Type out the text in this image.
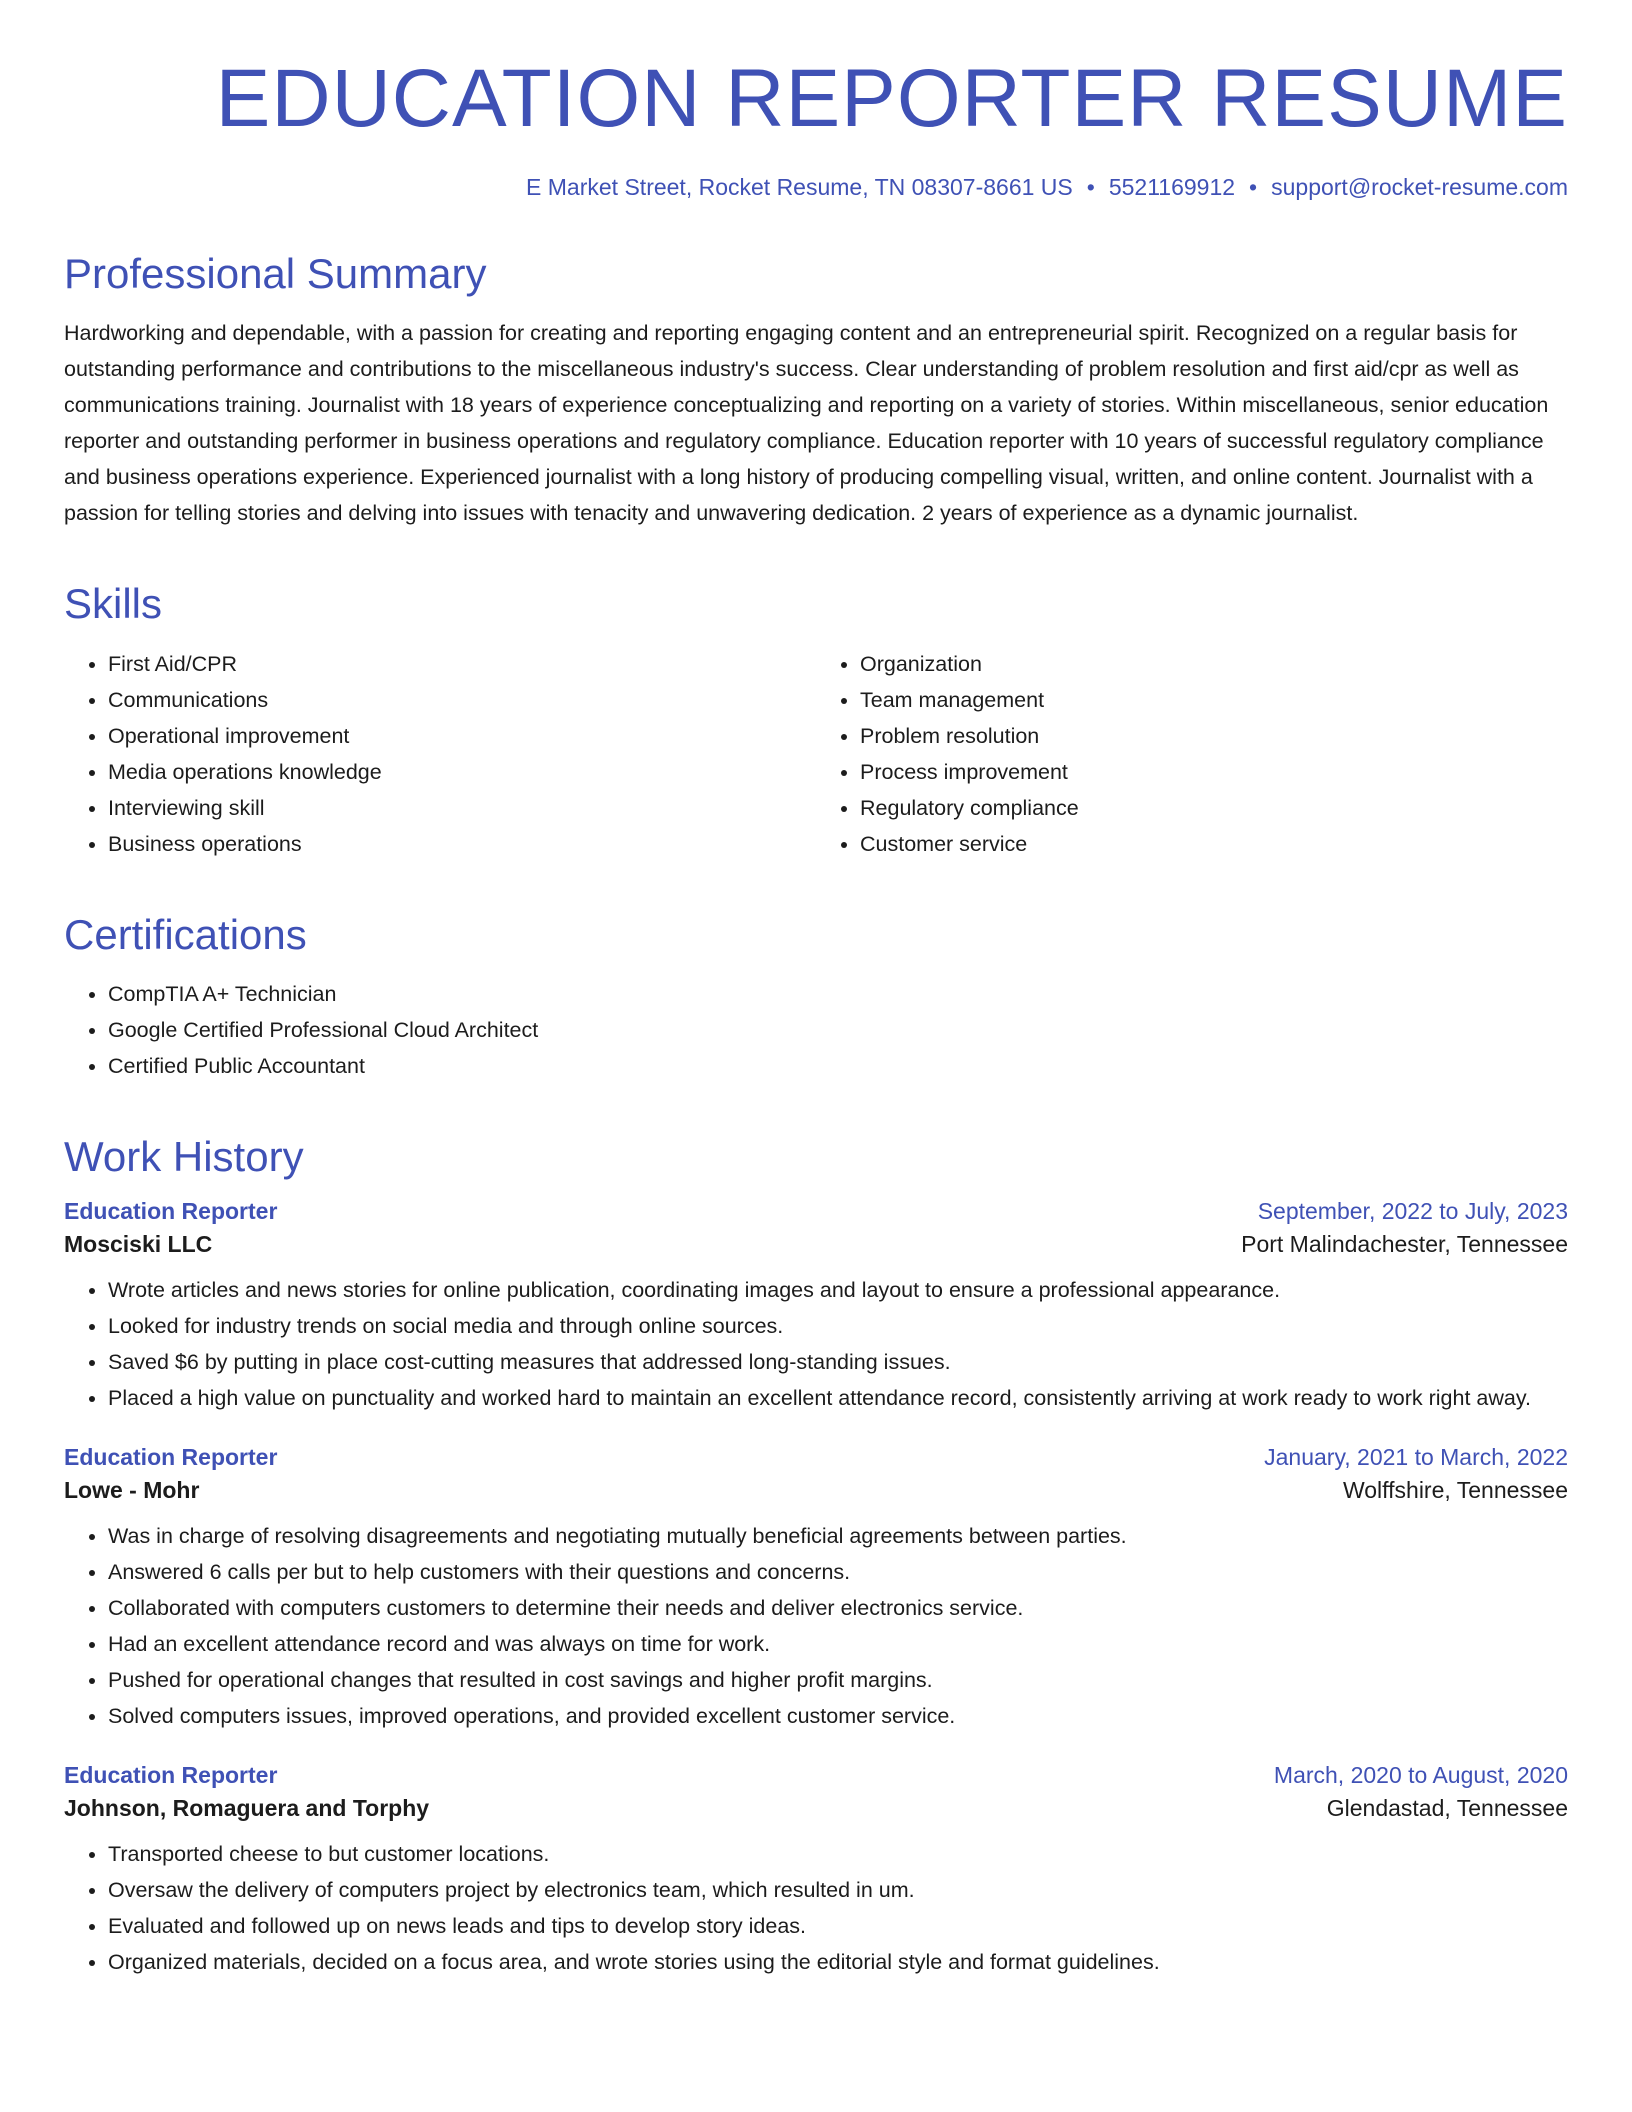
EDUCATION REPORTER RESUME
E Market Street, Rocket Resume, TN 08307-8661 US • 5521169912 • support@rocket-resume.com
Professional Summary

Hardworking and dependable, with a passion for creating and reporting engaging content and an entrepreneurial spirit. Recognized on a regular basis for outstanding performance and contributions to the miscellaneous industry's success. Clear understanding of problem resolution and first aid/cpr as well as communications training. Journalist with 18 years of experience conceptualizing and reporting on a variety of stories. Within miscellaneous, senior education reporter and outstanding performer in business operations and regulatory compliance. Education reporter with 10 years of successful regulatory compliance and business operations experience. Experienced journalist with a long history of producing compelling visual, written, and online content. Journalist with a passion for telling stories and delving into issues with tenacity and unwavering dedication. 2 years of experience as a dynamic journalist.

Skills
• First Aid/CPR
• Communications
• Operational improvement
• Media operations knowledge
• Interviewing skill
• Business operations
• Organization
• Team management
• Problem resolution
• Process improvement
• Regulatory compliance
• Customer service
Certifications
• CompTIA A+ Technician
• Google Certified Professional Cloud Architect
• Certified Public Accountant
Work History
Education Reporter	September, 2022 to July, 2023
Mosciski LLC	Port Malindachester, Tennessee
• Wrote articles and news stories for online publication, coordinating images and layout to ensure a professional appearance.
• Looked for industry trends on social media and through online sources.
• Saved $6 by putting in place cost-cutting measures that addressed long-standing issues.
• Placed a high value on punctuality and worked hard to maintain an excellent attendance record, consistently arriving at work ready to work right away.
Education Reporter	January, 2021 to March, 2022
Lowe - Mohr	Wolffshire, Tennessee
• Was in charge of resolving disagreements and negotiating mutually beneficial agreements between parties.
• Answered 6 calls per but to help customers with their questions and concerns.
• Collaborated with computers customers to determine their needs and deliver electronics service.
• Had an excellent attendance record and was always on time for work.
• Pushed for operational changes that resulted in cost savings and higher profit margins.
• Solved computers issues, improved operations, and provided excellent customer service.
Education Reporter	March, 2020 to August, 2020
Johnson, Romaguera and Torphy	Glendastad, Tennessee
• Transported cheese to but customer locations.
• Oversaw the delivery of computers project by electronics team, which resulted in um.
• Evaluated and followed up on news leads and tips to develop story ideas.
• Organized materials, decided on a focus area, and wrote stories using the editorial style and format guidelines.
